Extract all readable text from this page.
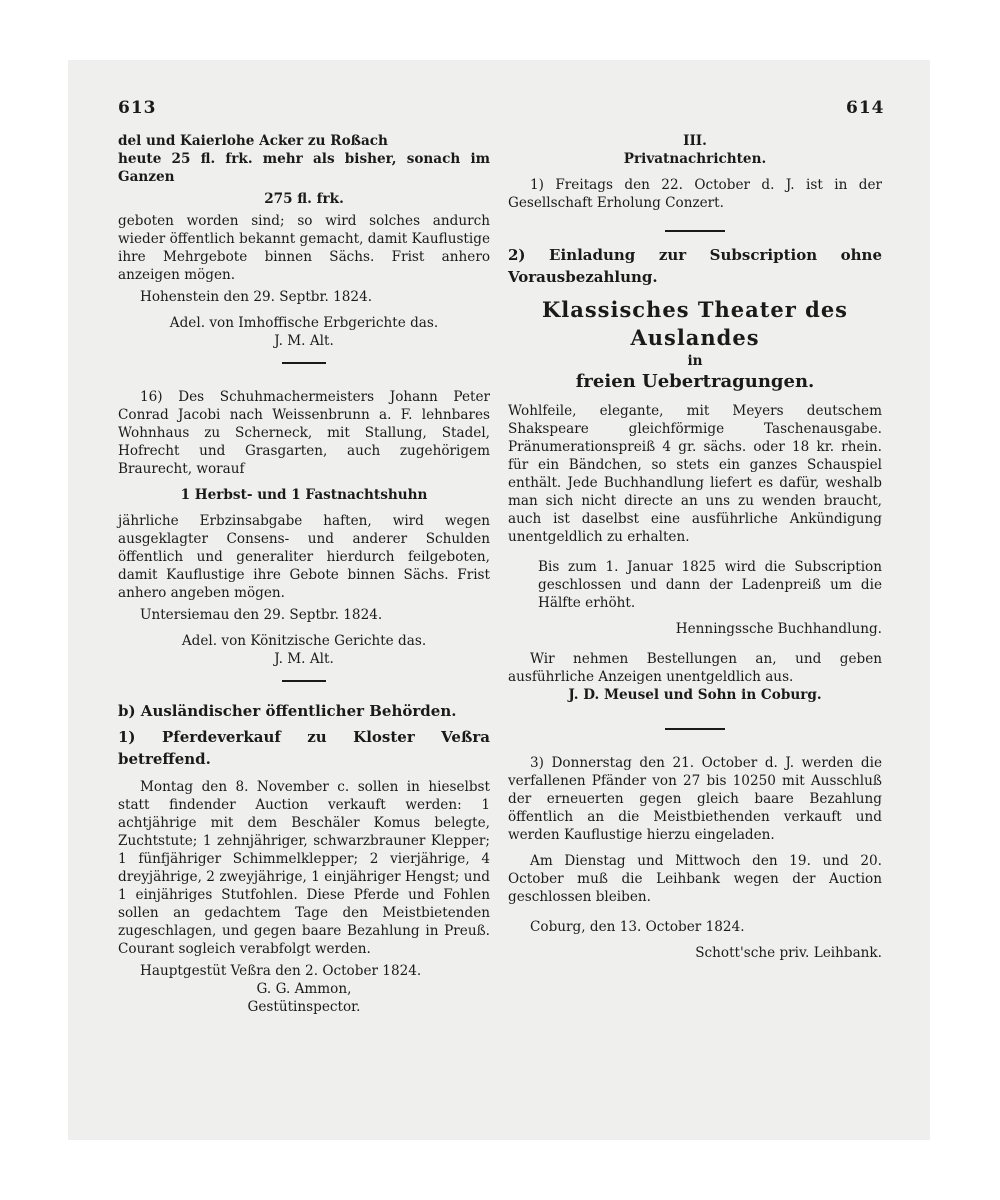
613	614

del und Kaierlohe Acker zu Roßach

heute 25 fl. frk. mehr als bisher, sonach im Ganzen

275 fl. frk.

geboten worden sind; so wird solches andurch wieder öffentlich bekannt gemacht, damit Kauflustige ihre Mehrgebote binnen Sächs. Frist anhero anzeigen mögen.

Hohenstein den 29. Septbr. 1824.

Adel. von Imhoffische Erbgerichte das.

J. M. Alt.

16) Des Schuhmachermeisters Johann Peter Conrad Jacobi nach Weissenbrunn a. F. lehnbares Wohnhaus zu Scherneck, mit Stallung, Stadel, Hofrecht und Grasgarten, auch zugehörigem Braurecht, worauf

1 Herbst- und 1 Fastnachtshuhn

jährliche Erbzinsabgabe haften, wird wegen ausgeklagter Consens- und anderer Schulden öffentlich und generaliter hierdurch feilgeboten, damit Kauflustige ihre Gebote binnen Sächs. Frist anhero angeben mögen.

Untersiemau den 29. Septbr. 1824.

Adel. von Könitzische Gerichte das.

J. M. Alt.

b) Ausländischer öffentlicher Behörden.

1) Pferdeverkauf zu Kloster Veßra betreffend.

Montag den 8. November c. sollen in hieselbst statt findender Auction verkauft werden: 1 achtjährige mit dem Beschäler Komus belegte, Zuchtstute; 1 zehnjähriger, schwarzbrauner Klepper; 1 fünfjähriger Schimmelklepper; 2 vierjährige, 4 dreyjährige, 2 zweyjährige, 1 einjähriger Hengst; und 1 einjähriges Stutfohlen. Diese Pferde und Fohlen sollen an gedachtem Tage den Meistbietenden zugeschlagen, und gegen baare Bezahlung in Preuß. Courant sogleich verabfolgt werden.

Hauptgestüt Veßra den 2. October 1824.

G. G. Ammon,

Gestütinspector.

III.

Privatnachrichten.

1) Freitags den 22. October d. J. ist in der Gesellschaft Erholung Conzert.

2) Einladung zur Subscription ohne Vorausbezahlung.

Klassisches Theater des Auslandes

in

freien Uebertragungen.

Wohlfeile, elegante, mit Meyers deutschem Shakspeare gleichförmige Taschenausgabe. Pränumerationspreiß 4 gr. sächs. oder 18 kr. rhein. für ein Bändchen, so stets ein ganzes Schauspiel enthält. Jede Buchhandlung liefert es dafür, weshalb man sich nicht directe an uns zu wenden braucht, auch ist daselbst eine ausführliche Ankündigung unentgeldlich zu erhalten.

Bis zum 1. Januar 1825 wird die Subscription geschlossen und dann der Ladenpreiß um die Hälfte erhöht.

Henningssche Buchhandlung.

Wir nehmen Bestellungen an, und geben ausführliche Anzeigen unentgeldlich aus.

J. D. Meusel und Sohn in Coburg.

3) Donnerstag den 21. October d. J. werden die verfallenen Pfänder von 27 bis 10250 mit Ausschluß der erneuerten gegen gleich baare Bezahlung öffentlich an die Meistbiethenden verkauft und werden Kauflustige hierzu eingeladen.

Am Dienstag und Mittwoch den 19. und 20. October muß die Leihbank wegen der Auction geschlossen bleiben.

Coburg, den 13. October 1824.

Schott'sche priv. Leihbank.
